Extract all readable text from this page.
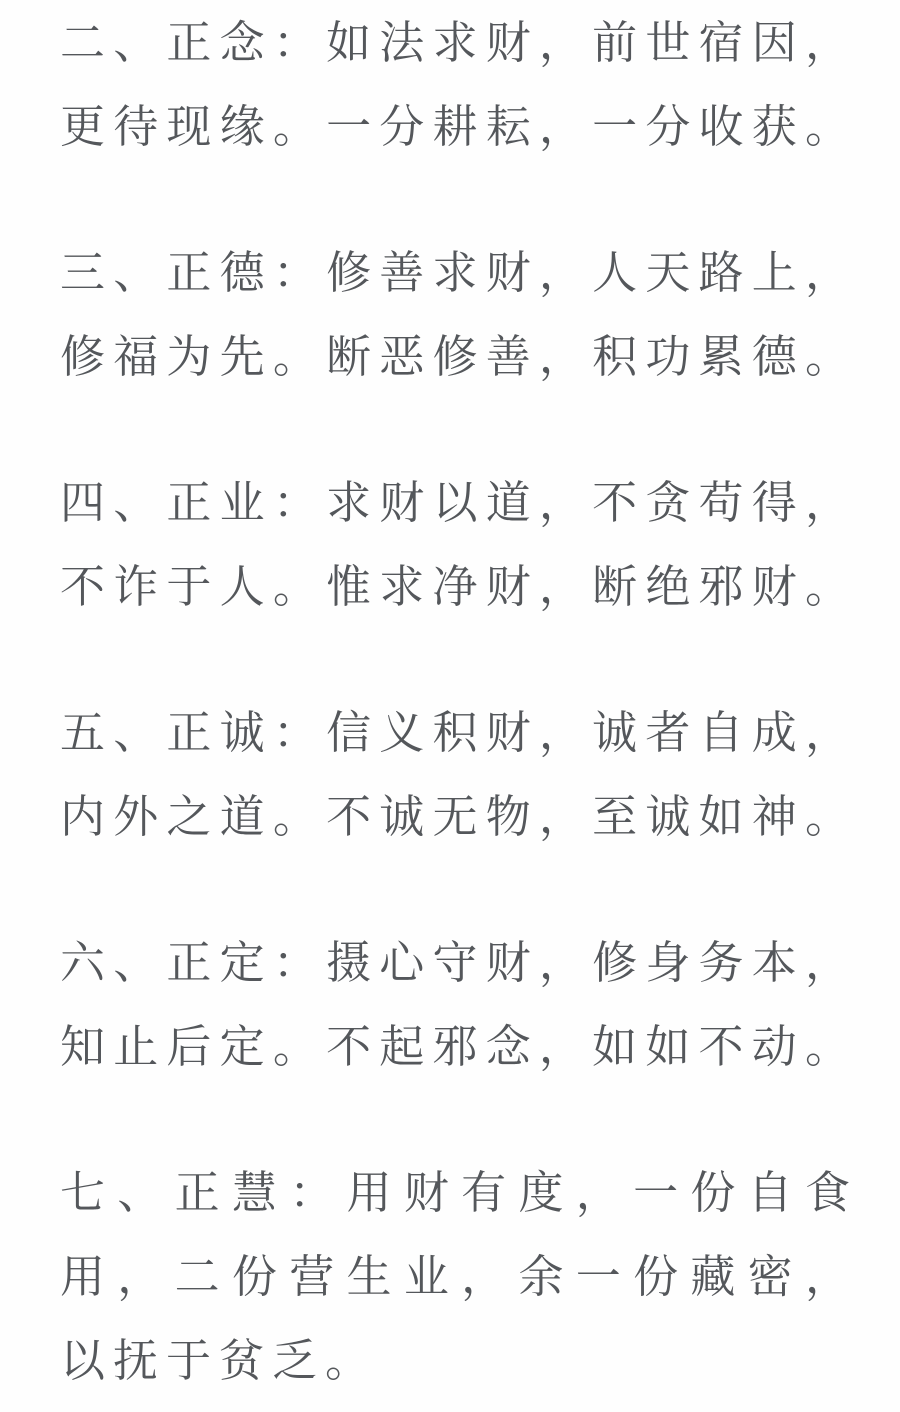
二、正念：如法求财，前世宿因，
更待现缘。一分耕耘，一分收获。
三、正德：修善求财，人天路上，
修福为先。断恶修善，积功累德。
四、正业：求财以道，不贪苟得，
不诈于人。惟求净财，断绝邪财。
五、正诚：信义积财，诚者自成，
内外之道。不诚无物，至诚如神。
六、正定：摄心守财，修身务本，
知止后定。不起邪念，如如不动。
七、正慧：用财有度，一份自食
用，二份营生业，余一份藏密，
以抚于贫乏。
